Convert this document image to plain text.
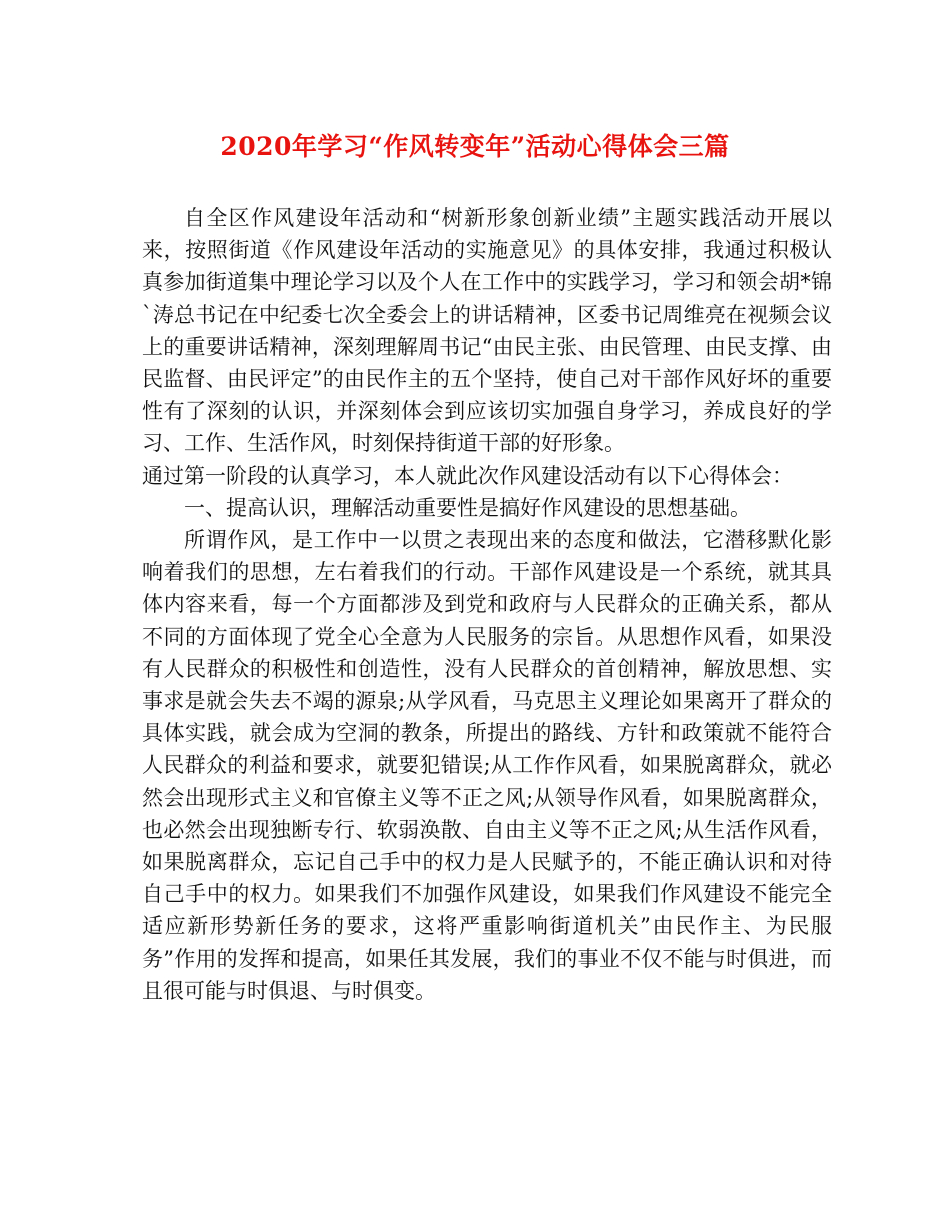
2020年学习“作风转变年”活动心得体会三篇

自全区作风建设年活动和“树新形象创新业绩”主题实践活动开展以来，按照街道《作风建设年活动的实施意见》的具体安排，我通过积极认真参加街道集中理论学习以及个人在工作中的实践学习，学习和领会胡*锦`涛总书记在中纪委七次全委会上的讲话精神，区委书记周维亮在视频会议上的重要讲话精神，深刻理解周书记“由民主张、由民管理、由民支撑、由民监督、由民评定”的由民作主的五个坚持，使自己对干部作风好坏的重要性有了深刻的认识，并深刻体会到应该切实加强自身学习，养成良好的学习、工作、生活作风，时刻保持街道干部的好形象。

通过第一阶段的认真学习，本人就此次作风建设活动有以下心得体会：

一、提高认识，理解活动重要性是搞好作风建设的思想基础。

所谓作风，是工作中一以贯之表现出来的态度和做法，它潜移默化影响着我们的思想，左右着我们的行动。干部作风建设是一个系统，就其具体内容来看，每一个方面都涉及到党和政府与人民群众的正确关系，都从不同的方面体现了党全心全意为人民服务的宗旨。从思想作风看，如果没有人民群众的积极性和创造性，没有人民群众的首创精神，解放思想、实事求是就会失去不竭的源泉;从学风看，马克思主义理论如果离开了群众的具体实践，就会成为空洞的教条，所提出的路线、方针和政策就不能符合人民群众的利益和要求，就要犯错误;从工作作风看，如果脱离群众，就必然会出现形式主义和官僚主义等不正之风;从领导作风看，如果脱离群众，也必然会出现独断专行、软弱涣散、自由主义等不正之风;从生活作风看，如果脱离群众，忘记自己手中的权力是人民赋予的，不能正确认识和对待自己手中的权力。如果我们不加强作风建设，如果我们作风建设不能完全适应新形势新任务的要求，这将严重影响街道机关”由民作主、为民服务”作用的发挥和提高，如果任其发展，我们的事业不仅不能与时俱进，而且很可能与时俱退、与时俱变。
